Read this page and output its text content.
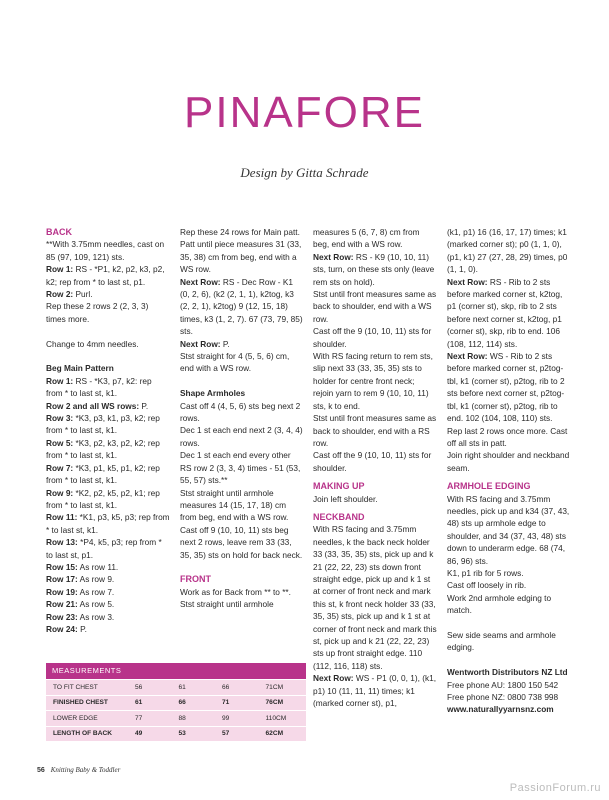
PINAFORE
Design by Gitta Schrade

BACK

**With 3.75mm needles, cast on 85 (97, 109, 121) sts.

Row 1: RS - *P1, k2, p2, k3, p2, k2; rep from * to last st, p1.

Row 2: Purl.

Rep these 2 rows 2 (2, 3, 3) times more.

Change to 4mm needles.

Beg Main Pattern

Row 1: RS - *K3, p7, k2: rep from * to last st, k1.

Row 2 and all WS rows: P.

Row 3: *K3, p3, k1, p3, k2; rep from * to last st, k1.

Row 5: *K3, p2, k3, p2, k2; rep from * to last st, k1.

Row 7: *K3, p1, k5, p1, k2; rep from * to last st, k1.

Row 9: *K2, p2, k5, p2, k1; rep from * to last st, k1.

Row 11: *K1, p3, k5, p3; rep from * to last st, k1.

Row 13: *P4, k5, p3; rep from * to last st, p1.

Row 15: As row 11.

Row 17: As row 9.

Row 19: As row 7.

Row 21: As row 5.

Row 23: As row 3.

Row 24: P.

Rep these 24 rows for Main patt.

Patt until piece measures 31 (33, 35, 38) cm from beg, end with a WS row.

Next Row: RS - Dec Row - K1 (0, 2, 6), (k2 (2, 1, 1), k2tog, k3 (2, 2, 1), k2tog) 9 (12, 15, 18) times, k3 (1, 2, 7). 67 (73, 79, 85) sts.

Next Row: P.

Stst straight for 4 (5, 5, 6) cm, end with a WS row.

Shape Armholes

Cast off 4 (4, 5, 6) sts beg next 2 rows.

Dec 1 st each end next 2 (3, 4, 4) rows.

Dec 1 st each end every other RS row 2 (3, 3, 4) times - 51 (53, 55, 57) sts.**

Stst straight until armhole measures 14 (15, 17, 18) cm from beg, end with a WS row.

Cast off 9 (10, 10, 11) sts beg next 2 rows, leave rem 33 (33, 35, 35) sts on hold for back neck.

FRONT

Work as for Back from ** to **. Stst straight until armhole

measures 5 (6, 7, 8) cm from beg, end with a WS row.

Next Row: RS - K9 (10, 10, 11) sts, turn, on these sts only (leave rem sts on hold).

Stst until front measures same as back to shoulder, end with a WS row.

Cast off the 9 (10, 10, 11) sts for shoulder.

With RS facing return to rem sts, slip next 33 (33, 35, 35) sts to holder for centre front neck; rejoin yarn to rem 9 (10, 10, 11) sts, k to end.

Stst until front measures same as back to shoulder, end with a RS row.

Cast off the 9 (10, 10, 11) sts for shoulder.

MAKING UP

Join left shoulder.

NECKBAND

With RS facing and 3.75mm needles, k the back neck holder 33 (33, 35, 35) sts, pick up and k 21 (22, 22, 23) sts down front straight edge, pick up and k 1 st at corner of front neck and mark this st, k front neck holder 33 (33, 35, 35) sts, pick up and k 1 st at corner of front neck and mark this st, pick up and k 21 (22, 22, 23) sts up front straight edge. 110 (112, 116, 118) sts.

Next Row: WS - P1 (0, 0, 1), (k1, p1) 10 (11, 11, 11) times; k1 (marked corner st), p1,

(k1, p1) 16 (16, 17, 17) times; k1 (marked corner st); p0 (1, 1, 0), (p1, k1) 27 (27, 28, 29) times, p0 (1, 1, 0).

Next Row: RS - Rib to 2 sts before marked corner st, k2tog, p1 (corner st), skp, rib to 2 sts before next corner st, k2tog, p1 (corner st), skp, rib to end. 106 (108, 112, 114) sts.

Next Row: WS - Rib to 2 sts before marked corner st, p2tog-tbl, k1 (corner st), p2tog, rib to 2 sts before next corner st, p2tog-tbl, k1 (corner st), p2tog, rib to end. 102 (104, 108, 110) sts.

Rep last 2 rows once more. Cast off all sts in patt.

Join right shoulder and neckband seam.

ARMHOLE EDGING

With RS facing and 3.75mm needles, pick up and k34 (37, 43, 48) sts up armhole edge to shoulder, and 34 (37, 43, 48) sts down to underarm edge. 68 (74, 86, 96) sts.

K1, p1 rib for 5 rows.

Cast off loosely in rib.

Work 2nd armhole edging to match.

Sew side seams and armhole edging.

Wentworth Distributors NZ Ltd

Free phone AU: 1800 150 542

Free phone NZ: 0800 738 998

www.naturallyyarnsnz.com

MEASUREMENTS
TO FIT CHEST	56	61	66	71CM
FINISHED CHEST	61	66	71	76CM
LOWER EDGE	77	88	99	110CM
LENGTH OF BACK	49	53	57	62CM
56 Knitting Baby & Toddler
PassionForum.ru
